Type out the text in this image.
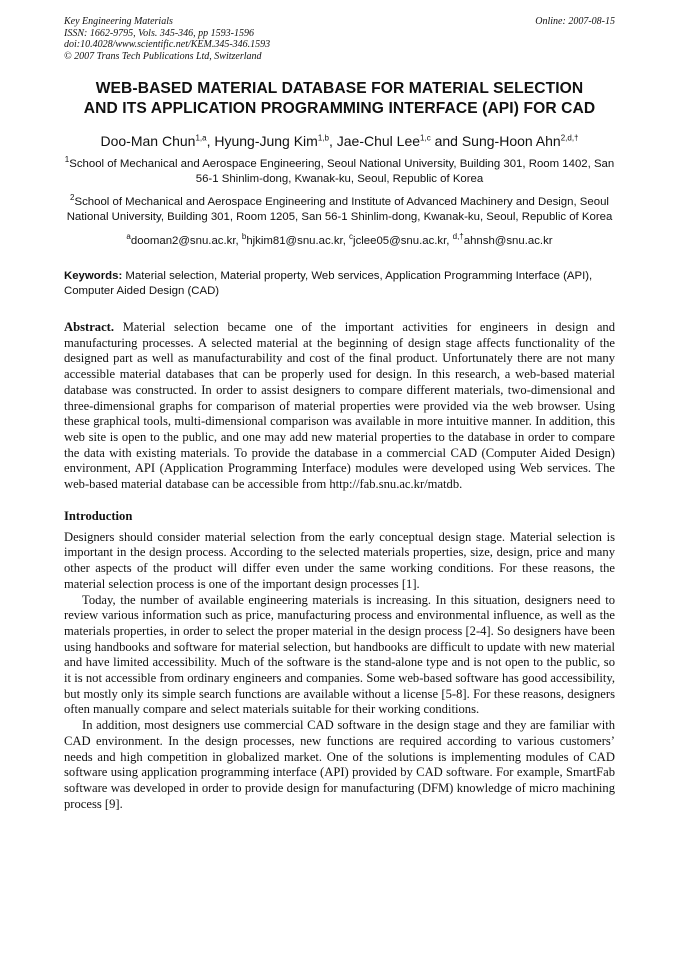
Key Engineering Materials
ISSN: 1662-9795, Vols. 345-346, pp 1593-1596
doi:10.4028/www.scientific.net/KEM.345-346.1593
© 2007 Trans Tech Publications Ltd, Switzerland
Online: 2007-08-15
WEB-BASED MATERIAL DATABASE FOR MATERIAL SELECTION
AND ITS APPLICATION PROGRAMMING INTERFACE (API) FOR CAD
Doo-Man Chun$^{1,a}$, Hyung-Jung Kim$^{1,b}$, Jae-Chul Lee$^{1,c}$ and Sung-Hoon Ahn$^{2,d,\dagger}$
$^1$School of Mechanical and Aerospace Engineering, Seoul National University, Building 301, Room 1402, San 56-1 Shinlim-dong, Kwanak-ku, Seoul, Republic of Korea
$^2$School of Mechanical and Aerospace Engineering and Institute of Advanced Machinery and Design, Seoul National University, Building 301, Room 1205, San 56-1 Shinlim-dong, Kwanak-ku, Seoul, Republic of Korea
$^a$dooman2@snu.ac.kr, $^b$hjkim81@snu.ac.kr, $^c$jclee05@snu.ac.kr, $^{d,\dagger}$ahnsh@snu.ac.kr
Keywords: Material selection, Material property, Web services, Application Programming Interface (API), Computer Aided Design (CAD)
Abstract. Material selection became one of the important activities for engineers in design and manufacturing processes. A selected material at the beginning of design stage affects functionality of the designed part as well as manufacturability and cost of the final product. Unfortunately there are not many accessible material databases that can be properly used for design. In this research, a web-based material database was constructed. In order to assist designers to compare different materials, two-dimensional and three-dimensional graphs for comparison of material properties were provided via the web browser. Using these graphical tools, multi-dimensional comparison was available in more intuitive manner. In addition, this web site is open to the public, and one may add new material properties to the database in order to compare the data with existing materials. To provide the database in a commercial CAD (Computer Aided Design) environment, API (Application Programming Interface) modules were developed using Web services. The web-based material database can be accessible from http://fab.snu.ac.kr/matdb.
Introduction

Designers should consider material selection from the early conceptual design stage. Material selection is important in the design process. According to the selected materials properties, size, design, price and many other aspects of the product will differ even under the same working conditions. For these reasons, the material selection process is one of the important design processes [1].

Today, the number of available engineering materials is increasing. In this situation, designers need to review various information such as price, manufacturing process and environmental influence, as well as the materials properties, in order to select the proper material in the design process [2-4]. So designers have been using handbooks and software for material selection, but handbooks are difficult to update with new material and have limited accessibility. Much of the software is the stand-alone type and is not open to the public, so it is not accessible from ordinary engineers and companies. Some web-based software has good accessibility, but mostly only its simple search functions are available without a license [5-8]. For these reasons, designers often manually compare and select materials suitable for their working conditions.

In addition, most designers use commercial CAD software in the design stage and they are familiar with CAD environment. In the design processes, new functions are required according to various customers’ needs and high competition in globalized market. One of the solutions is implementing modules of CAD software using application programming interface (API) provided by CAD software. For example, SmartFab software was developed in order to provide design for manufacturing (DFM) knowledge of micro machining process [9].
